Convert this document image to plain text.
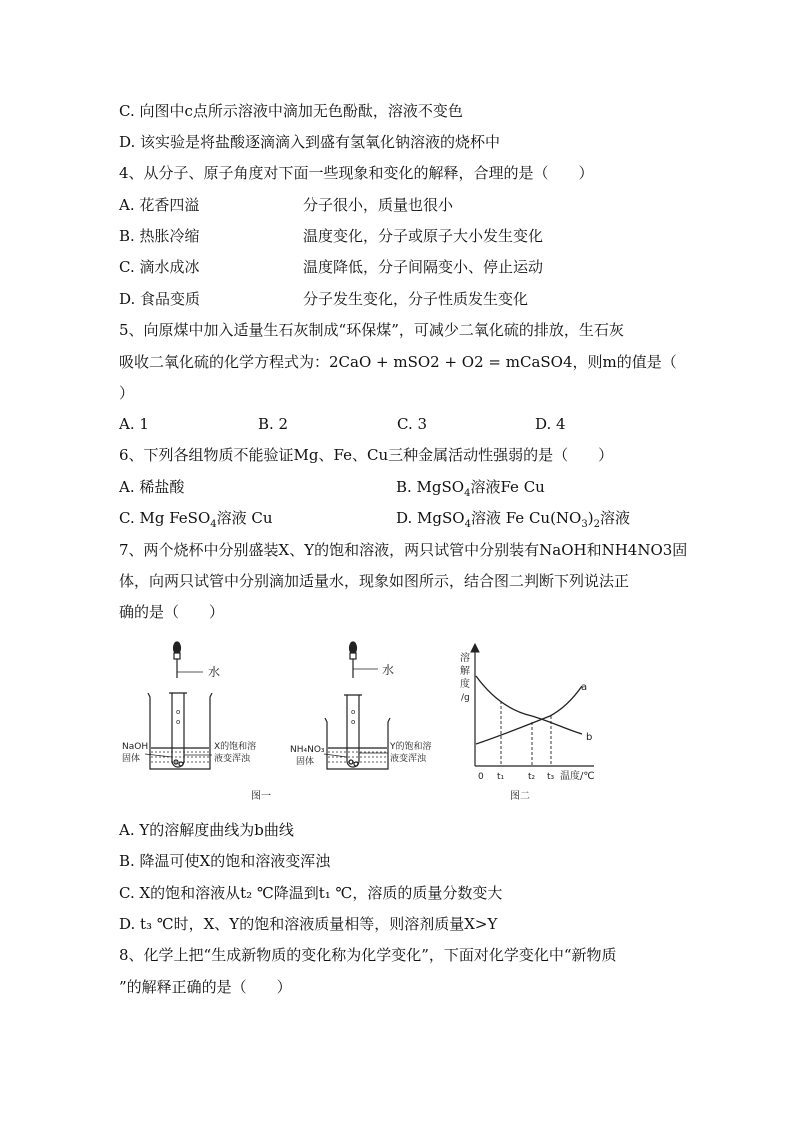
C. 向图中c点所示溶液中滴加无色酚酞，溶液不变色
D. 该实验是将盐酸逐滴滴入到盛有氢氧化钠溶液的烧杯中
4、从分子、原子角度对下面一些现象和变化的解释，合理的是（　　）
A. 花香四溢	分子很小，质量也很小
B. 热胀冷缩	温度变化，分子或原子大小发生变化
C. 滴水成冰	温度降低，分子间隔变小、停止运动
D. 食品变质	分子发生变化，分子性质发生变化
5、向原煤中加入适量生石灰制成“环保煤”，可减少二氧化硫的排放，生石灰
吸收二氧化硫的化学方程式为：2CaO + mSO2 + O2 = mCaSO4，则m的值是（
）
A. 1	B. 2	C. 3	D. 4
6、下列各组物质不能验证Mg、Fe、Cu三种金属活动性强弱的是（　　）
A. 稀盐酸	B. MgSO$_4$溶液Fe Cu
C. Mg FeSO$_4$溶液 Cu	D. MgSO$_4$溶液 Fe $Cu(NO_3)_2$溶液
7、两个烧杯中分别盛装X、Y的饱和溶液，两只试管中分别装有NaOH和NH4NO3固
体，向两只试管中分别滴加适量水，现象如图所示，结合图二判断下列说法正
确的是（　　）
o
o
水
NaOH
固体
X的饱和溶
液变浑浊
o
o
水
NH₄NO₃
固体
Y的饱和溶
液变浑浊
图一
溶
解
度
/g
a
b
0 t₁	t₂ t₃ 温度/℃
图二
A. Y的溶解度曲线为b曲线
B. 降温可使X的饱和溶液变浑浊
C. X的饱和溶液从t₂ ℃降温到t₁ ℃，溶质的质量分数变大
D. t₃ ℃时，X、Y的饱和溶液质量相等，则溶剂质量X>Y
8、化学上把“生成新物质的变化称为化学变化”，下面对化学变化中“新物质
”的解释正确的是（　　）
